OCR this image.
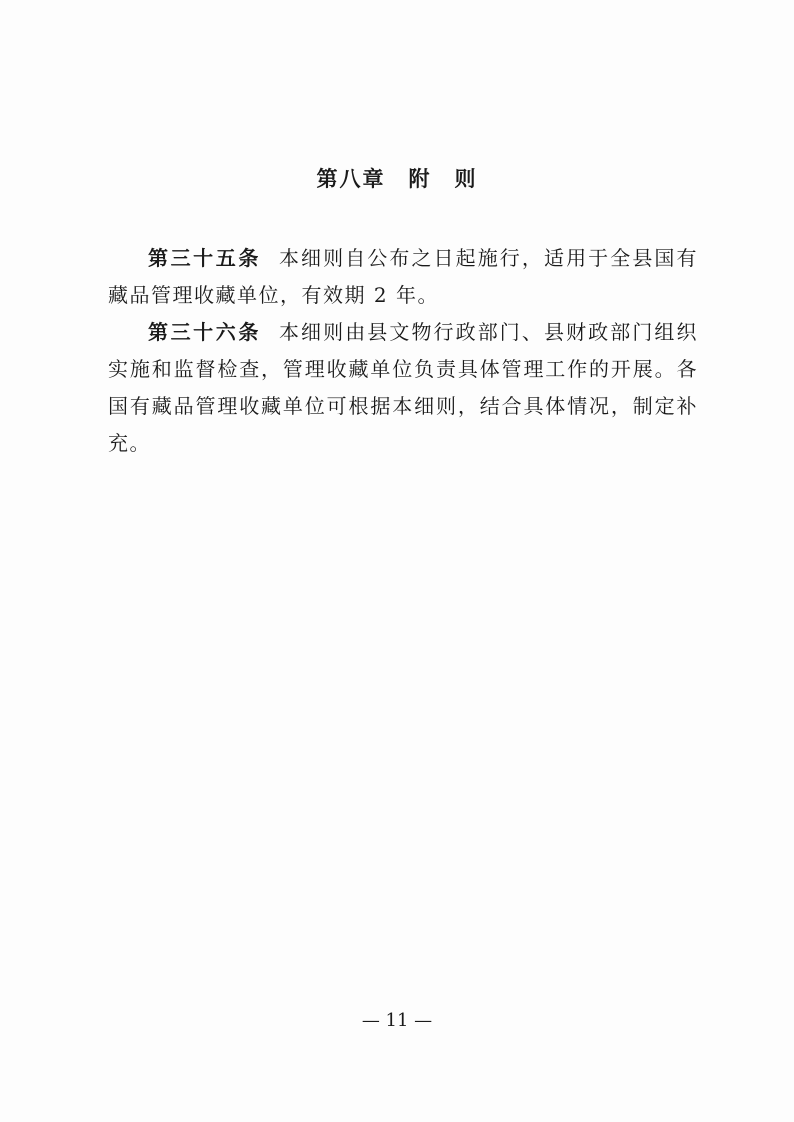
第八章　附　则

第三十五条 本细则自公布之日起施行，适用于全县国有藏品管理收藏单位，有效期 2 年。

第三十六条 本细则由县文物行政部门、县财政部门组织实施和监督检查，管理收藏单位负责具体管理工作的开展。各国有藏品管理收藏单位可根据本细则，结合具体情况，制定补充。

— 11 —
